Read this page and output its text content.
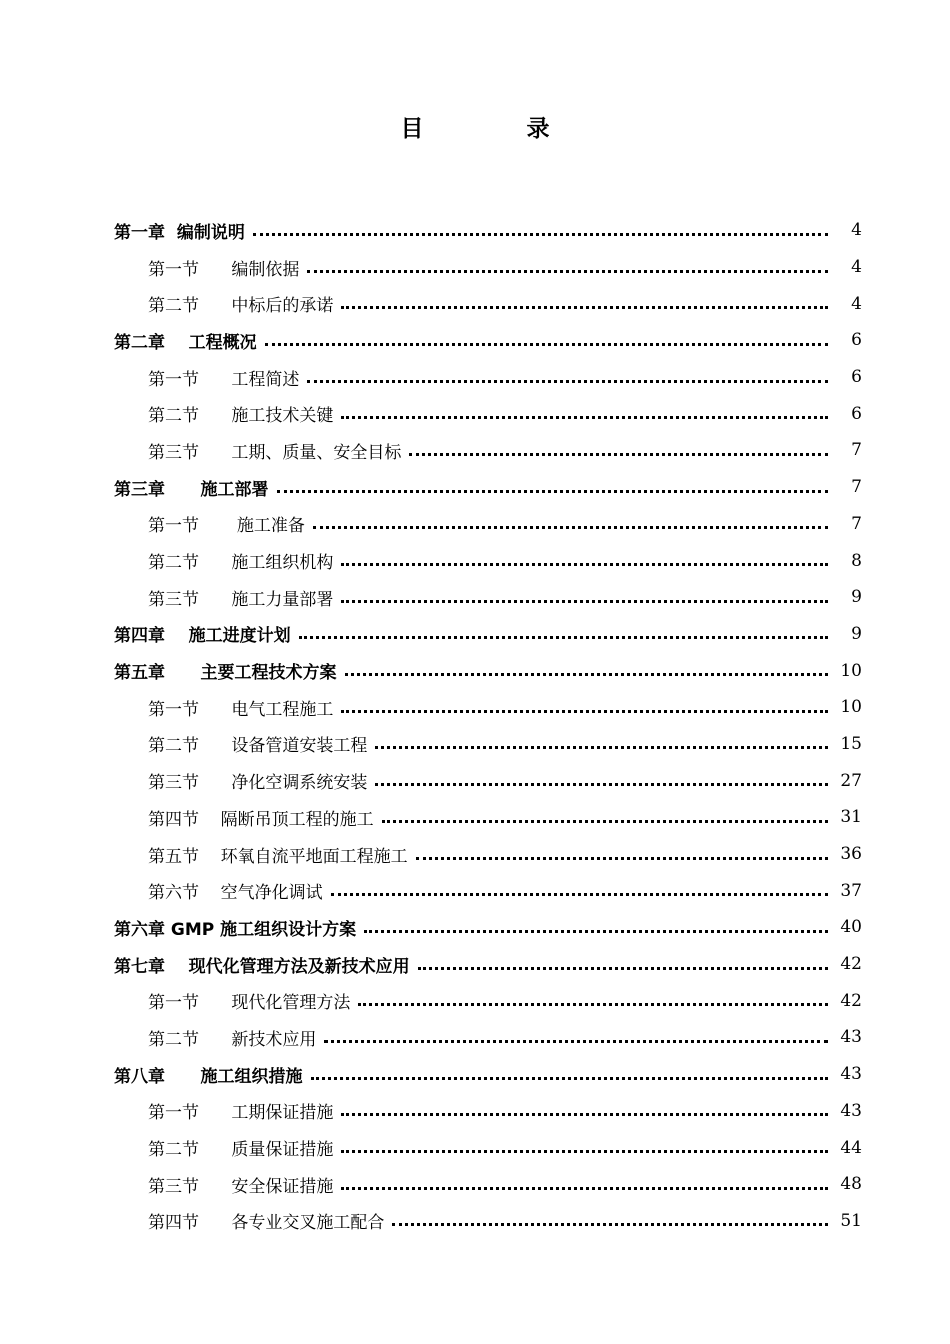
目　录
第一章  编制说明	4
第一节      编制依据	4
第二节      中标后的承诺	4
第二章    工程概况	6
第一节      工程简述	6
第二节      施工技术关键	6
第三节      工期、质量、安全目标	7
第三章      施工部署	7
第一节       施工准备	7
第二节      施工组织机构	8
第三节      施工力量部署	9
第四章    施工进度计划	9
第五章      主要工程技术方案	10
第一节      电气工程施工	10
第二节      设备管道安装工程	15
第三节      净化空调系统安装	27
第四节    隔断吊顶工程的施工	31
第五节    环氧自流平地面工程施工	36
第六节    空气净化调试	37
第六章 GMP 施工组织设计方案	40
第七章    现代化管理方法及新技术应用	42
第一节      现代化管理方法	42
第二节      新技术应用	43
第八章      施工组织措施	43
第一节      工期保证措施	43
第二节      质量保证措施	44
第三节      安全保证措施	48
第四节      各专业交叉施工配合	51
